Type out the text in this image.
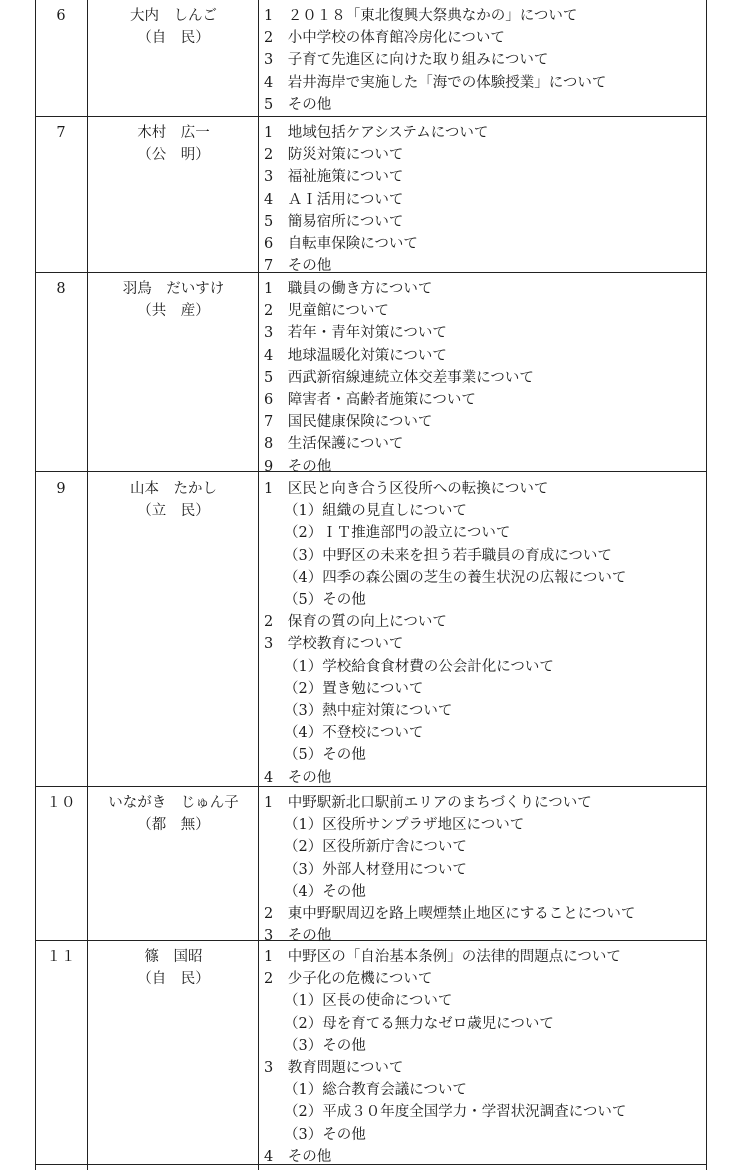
6	大内　しんご
（自　民）
1　２０１８「東北復興大祭典なかの」について
2　小中学校の体育館冷房化について
3　子育て先進区に向けた取り組みについて
4　岩井海岸で実施した「海での体験授業」について
5　その他
7	木村　広一
（公　明）
1　地域包括ケアシステムについて
2　防災対策について
3　福祉施策について
4　ＡＩ活用について
5　簡易宿所について
6　自転車保険について
7　その他
8	羽鳥　だいすけ
（共　産）
1　職員の働き方について
2　児童館について
3　若年・青年対策について
4　地球温暖化対策について
5　西武新宿線連続立体交差事業について
6　障害者・高齢者施策について
7　国民健康保険について
8　生活保護について
9　その他
9	山本　たかし
（立　民）
1　区民と向き合う区役所への転換について
（1）組織の見直しについて
（2）ＩＴ推進部門の設立について
（3）中野区の未来を担う若手職員の育成について
（4）四季の森公園の芝生の養生状況の広報について
（5）その他
2　保育の質の向上について
3　学校教育について
（1）学校給食食材費の公会計化について
（2）置き勉について
（3）熱中症対策について
（4）不登校について
（5）その他
4　その他
１０	いながき　じゅん子
（都　無）
1　中野駅新北口駅前エリアのまちづくりについて
（1）区役所サンプラザ地区について
（2）区役所新庁舎について
（3）外部人材登用について
（4）その他
2　東中野駅周辺を路上喫煙禁止地区にすることについて
3　その他
１１	篠　国昭
（自　民）
1　中野区の「自治基本条例」の法律的問題点について
2　少子化の危機について
（1）区長の使命について
（2）母を育てる無力なゼロ歳児について
（3）その他
3　教育問題について
（1）総合教育会議について
（2）平成３０年度全国学力・学習状況調査について
（3）その他
4　その他
